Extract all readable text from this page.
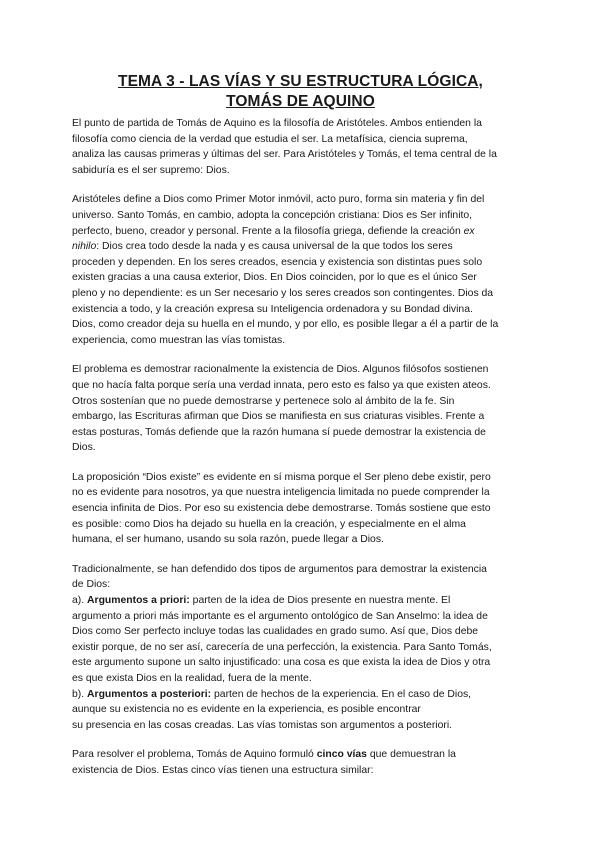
TEMA 3 - LAS VÍAS Y SU ESTRUCTURA LÓGICA,
TOMÁS DE AQUINO

El punto de partida de Tomás de Aquino es la filosofía de Aristóteles. Ambos entienden la
filosofía como ciencia de la verdad que estudia el ser. La metafísica, ciencia suprema,
analiza las causas primeras y últimas del ser. Para Aristóteles y Tomás, el tema central de la
sabiduría es el ser supremo: Dios.

Aristóteles define a Dios como Primer Motor inmóvil, acto puro, forma sin materia y fin del
universo. Santo Tomás, en cambio, adopta la concepción cristiana: Dios es Ser infinito,
perfecto, bueno, creador y personal. Frente a la filosofía griega, defiende la creación ex
nihilo: Dios crea todo desde la nada y es causa universal de la que todos los seres
proceden y dependen. En los seres creados, esencia y existencia son distintas pues solo
existen gracias a una causa exterior, Dios. En Dios coinciden, por lo que es el único Ser
pleno y no dependiente: es un Ser necesario y los seres creados son contingentes. Dios da
existencia a todo, y la creación expresa su Inteligencia ordenadora y su Bondad divina.
Dios, como creador deja su huella en el mundo, y por ello, es posible llegar a él a partir de la
experiencia, como muestran las vías tomistas.

El problema es demostrar racionalmente la existencia de Dios. Algunos filósofos sostienen
que no hacía falta porque sería una verdad innata, pero esto es falso ya que existen ateos.
Otros sostenían que no puede demostrarse y pertenece solo al ámbito de la fe. Sin
embargo, las Escrituras afirman que Dios se manifiesta en sus criaturas visibles. Frente a
estas posturas, Tomás defiende que la razón humana sí puede demostrar la existencia de
Dios.

La proposición “Dios existe” es evidente en sí misma porque el Ser pleno debe existir, pero
no es evidente para nosotros, ya que nuestra inteligencia limitada no puede comprender la
esencia infinita de Dios. Por eso su existencia debe demostrarse. Tomás sostiene que esto
es posible: como Dios ha dejado su huella en la creación, y especialmente en el alma
humana, el ser humano, usando su sola razón, puede llegar a Dios.

Tradicionalmente, se han defendido dos tipos de argumentos para demostrar la existencia
de Dios:
a). Argumentos a priori: parten de la idea de Dios presente en nuestra mente. El
argumento a priori más importante es el argumento ontológico de San Anselmo: la idea de
Dios como Ser perfecto incluye todas las cualidades en grado sumo. Así que, Dios debe
existir porque, de no ser así, carecería de una perfección, la existencia. Para Santo Tomás,
este argumento supone un salto injustificado: una cosa es que exista la idea de Dios y otra
es que exista Dios en la realidad, fuera de la mente.
b). Argumentos a posteriori: parten de hechos de la experiencia. En el caso de Dios,
aunque su existencia no es evidente en la experiencia, es posible encontrar
su presencia en las cosas creadas. Las vías tomistas son argumentos a posteriori.

Para resolver el problema, Tomás de Aquino formuló cinco vías que demuestran la
existencia de Dios. Estas cinco vías tienen una estructura similar:
